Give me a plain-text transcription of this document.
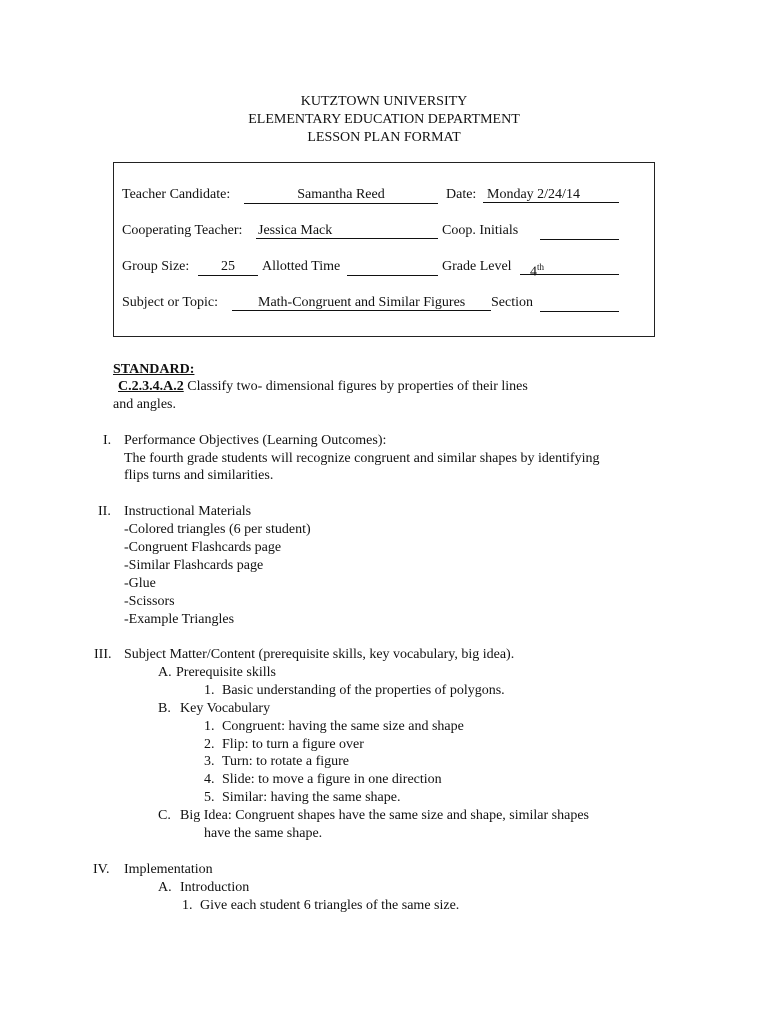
KUTZTOWN UNIVERSITY
ELEMENTARY EDUCATION DEPARTMENT
LESSON PLAN FORMAT
Teacher Candidate:	Samantha Reed	Date: Monday 2/24/14
Cooperating Teacher: Jessica Mack	Coop. Initials
Group Size:	25	Allotted Time	Grade Level	4th
Subject or Topic:	Math-Congruent and Similar Figures	Section
STANDARD:
C.2.3.4.A.2 Classify two- dimensional figures by properties of their lines
and angles.
I. Performance Objectives (Learning Outcomes):
The fourth grade students will recognize congruent and similar shapes by identifying
flips turns and similarities.
II. Instructional Materials
-Colored triangles (6 per student)
-Congruent Flashcards page
-Similar Flashcards page
-Glue
-Scissors
-Example Triangles
III. Subject Matter/Content (prerequisite skills, key vocabulary, big idea).
A. Prerequisite skills
1. Basic understanding of the properties of polygons.
B. Key Vocabulary
1. Congruent: having the same size and shape
2. Flip: to turn a figure over
3. Turn: to rotate a figure
4. Slide: to move a figure in one direction
5. Similar: having the same shape.
C. Big Idea: Congruent shapes have the same size and shape, similar shapes
have the same shape.
IV. Implementation
A. Introduction
1. Give each student 6 triangles of the same size.
